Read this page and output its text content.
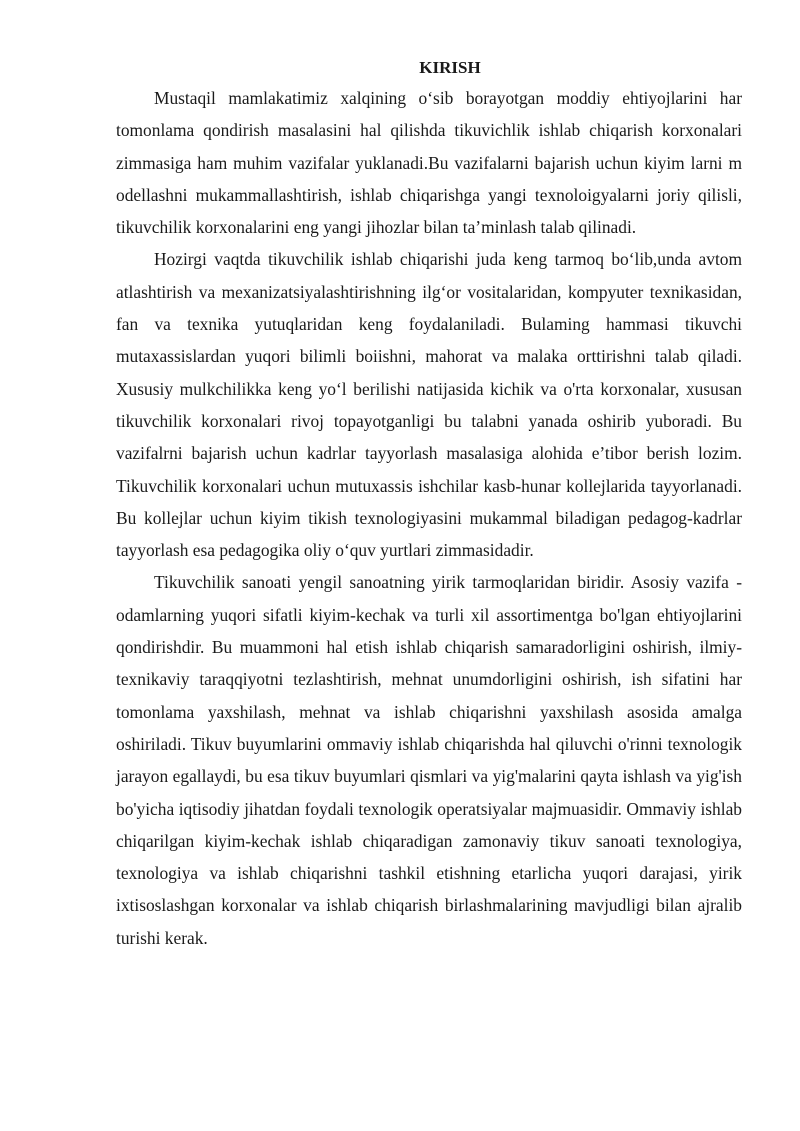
KIRISH

Mustaqil mamlakatimiz xalqining o‘sib borayotgan moddiy ehtiyojlarini har tomonlama qondirish masalasini hal qilishda tikuvichlik ishlab chiqarish korxonalari zimmasiga ham muhim vazifalar yuklanadi.Bu vazifalarni bajarish uchun kiyim larni m odellashni mukammallashtirish, ishlab chiqarishga yangi texnoloigyalarni joriy qilisli, tikuvchilik korxonalarini eng yangi jihozlar bilan ta’minlash talab qilinadi.

Hozirgi vaqtda tikuvchilik ishlab chiqarishi juda keng tarmoq bo‘lib,unda avtom atlashtirish va mexanizatsiyalashtirishning ilg‘or vositalaridan, kompyuter texnikasidan, fan va texnika yutuqlaridan keng foydalaniladi. Bulaming hammasi tikuvchi mutaxassislardan yuqori bilimli boiishni, mahorat va malaka orttirishni talab qiladi. Xususiy mulkchilikka keng yo‘l berilishi natijasida kichik va o'rta korxonalar, xususan tikuvchilik korxonalari rivoj topayotganligi bu talabni yanada oshirib yuboradi. Bu vazifalrni bajarish uchun kadrlar tayyorlash masalasiga alohida e’tibor berish lozim. Tikuvchilik korxonalari uchun mutuxassis ishchilar kasb-hunar kollejlarida tayyorlanadi. Bu kollejlar uchun kiyim tikish texnologiyasini mukammal biladigan pedagog-kadrlar tayyorlash esa pedagogika oliy o‘quv yurtlari zimmasidadir.

Tikuvchilik sanoati yengil sanoatning yirik tarmoqlaridan biridir. Asosiy vazifa - odamlarning yuqori sifatli kiyim-kechak va turli xil assortimentga bo'lgan ehtiyojlarini qondirishdir. Bu muammoni hal etish ishlab chiqarish samaradorligini oshirish, ilmiy-texnikaviy taraqqiyotni tezlashtirish, mehnat unumdorligini oshirish, ish sifatini har tomonlama yaxshilash, mehnat va ishlab chiqarishni yaxshilash asosida amalga oshiriladi. Tikuv buyumlarini ommaviy ishlab chiqarishda hal qiluvchi o'rinni texnologik jarayon egallaydi, bu esa tikuv buyumlari qismlari va yig'malarini qayta ishlash va yig'ish bo'yicha iqtisodiy jihatdan foydali texnologik operatsiyalar majmuasidir. Ommaviy ishlab chiqarilgan kiyim-kechak ishlab chiqaradigan zamonaviy tikuv sanoati texnologiya, texnologiya va ishlab chiqarishni tashkil etishning etarlicha yuqori darajasi, yirik ixtisoslashgan korxonalar va ishlab chiqarish birlashmalarining mavjudligi bilan ajralib turishi kerak.
